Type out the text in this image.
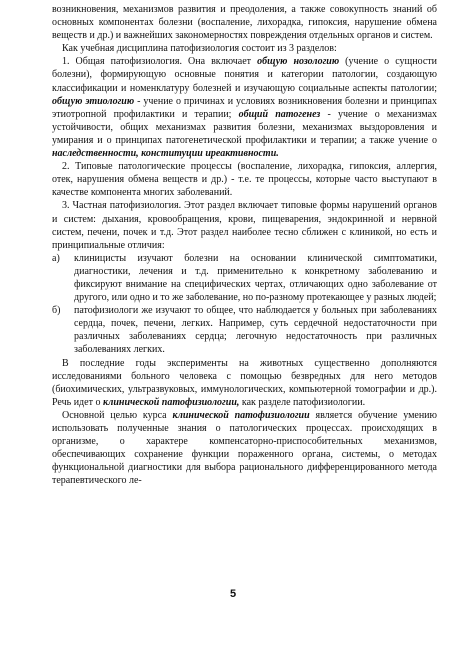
возникновения, механизмов развития и преодоления, а также совокупность знаний об основных компонентах болезни (воспаление, лихорадка, гипоксия, нарушение обмена веществ и др.) и важнейших закономерностях повреждения отдельных органов и систем.

Как учебная дисциплина патофизиология состоит из 3 разделов:

1. Общая патофизиология. Она включает общую нозологию (учение о сущности болезни), формирующую основные понятия и категории патологии, создающую классификации и номенклатуру болезней и изучающую социальные аспекты патологии; общую этиологию - учение о причинах и условиях возникновения болезни и принципах этиотропной профилактики и терапии; общий патогенез - учение о механизмах устойчивости, общих механизмах развития болезни, механизмах выздоровления и умирания и о принципах патогенетической профилактики и терапии; а также учение о наследственности, конституции иреактивности.

2. Типовые патологические процессы (воспаление, лихорадка, гипоксия, аллергия, отек, нарушения обмена веществ и др.) - т.е. те процессы, которые часто выступают в качестве компонента многих заболеваний.

3. Частная патофизиология. Этот раздел включает типовые формы нарушений органов и систем: дыхания, кровообращения, крови, пищеварения, эндокринной и нервной систем, печени, почек и т.д. Этот раздел наиболее тесно сближен с клиникой, но есть и принципиальные отличия:

а)	клиницисты изучают болезни на основании клинической симптоматики, диагностики, лечения и т.д. применительно к конкретному заболеванию и фиксируют внимание на специфических чертах, отличающих одно заболевание от другого, или одно и то же заболевание, но по-разному протекающее у разных людей;

б)	патофизиологи же изучают то общее, что наблюдается у больных при заболеваниях сердца, почек, печени, легких. Например, суть сердечной недостаточности при различных заболеваниях сердца; легочную недостаточность при различных заболеваниях легких.

В последние годы эксперименты на животных существенно дополняются исследованиями больного человека с помощью безвредных для него методов (биохимических, ультразвуковых, иммунологических, компьютерной томографии и др.). Речь идет о клинической патофизиологии, как разделе патофизиологии.

Основной целью курса клинической патофизиологии является обучение умению использовать полученные знания о патологических процессах. происходящих в организме, о характере компенсаторно-приспособительных механизмов, обеспечивающих сохранение функции пораженного органа, системы, о методах функциональной диагностики для выбора рационального дифференцированного метода терапевтического ле-

5
